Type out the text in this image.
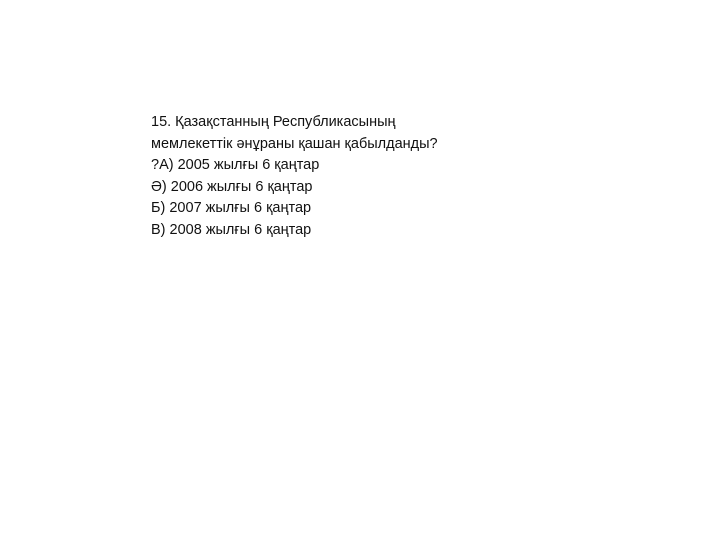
15. Қазақстанның Республикасының
мемлекеттік әнұраны қашан қабылданды?
?А) 2005 жылғы 6 қаңтар
Ә) 2006 жылғы 6 қаңтар
Б) 2007 жылғы 6 қаңтар
В) 2008 жылғы 6 қаңтар
